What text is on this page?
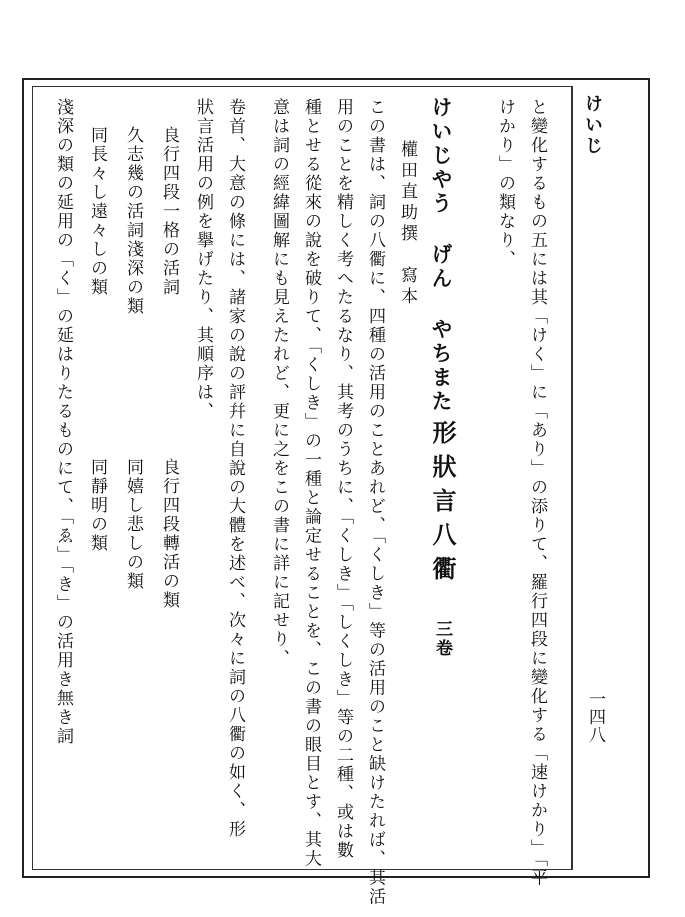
けいじ
一四八
と變化するもの五には其「けく」に「あり」の添りて、羅行四段に變化する「速けかり」「平
けかり」の類なり、
けいじやう げん やちまた
形狀言八衢 三卷
權田直助撰　寫本
この書は、詞の八衢に、四種の活用のことあれど、「くしき」等の活用のこと缺けたれば、其活
用のことを精しく考へたるなり、其考のうちに、「くしき」「しくしき」等の二種、或は數
種とせる從來の說を破りて、「くしき」の一種と論定せることを、この書の眼目とす、其大
意は詞の經緯圖解にも見えたれど、更に之をこの書に詳に記せり、
卷首、大意の條には、諸家の說の評幷に自說の大體を述べ、次々に詞の八衢の如く、形
狀言活用の例を擧げたり、其順序は、
良行四段一格の活詞
良行四段轉活の類
久志幾の活詞淺深の類
同嬉し悲しの類
同長々し遠々しの類
同靜明の類
淺深の類の延用の「く」の延はりたるものにて、「ゑ」「き」の活用き無き詞
